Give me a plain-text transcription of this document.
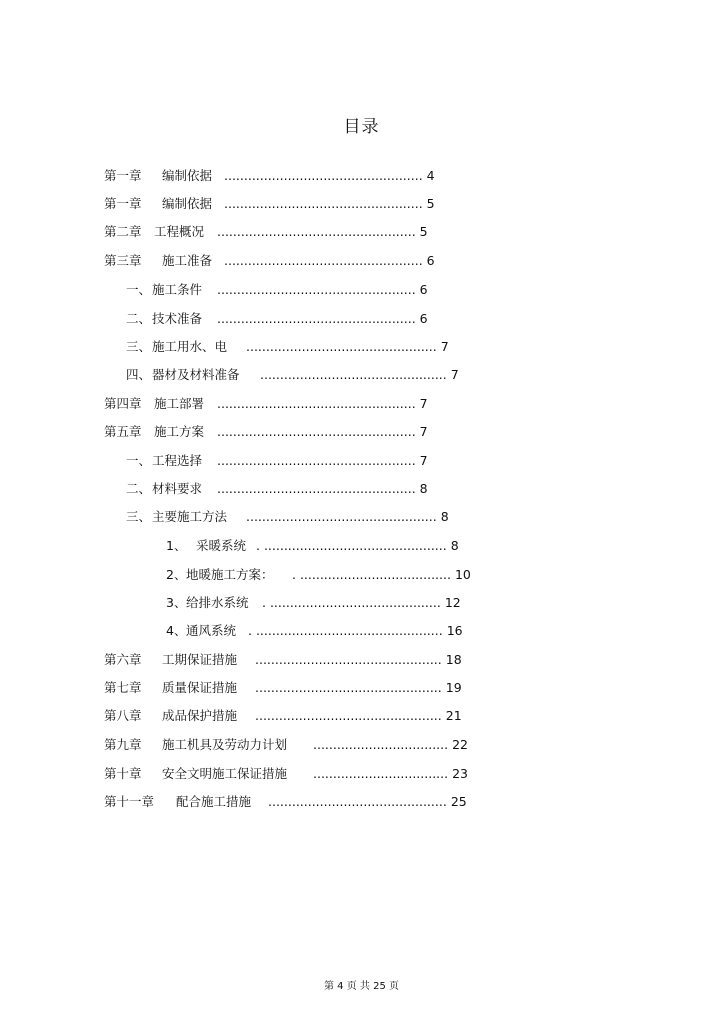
目录
第一章 编制依据 .................................................. 4
第一章 编制依据 .................................................. 5
第二章 工程概况 .................................................. 5
第三章 施工准备 .................................................. 6
一、 施工条件 .................................................. 6
二、 技术准备 .................................................. 6
三、 施工用水、电 ................................................ 7
四、 器材及材料准备 ............................................... 7
第四章 施工部署 .................................................. 7
第五章 施工方案 .................................................. 7
一、 工程选择 .................................................. 7
二、 材料要求 .................................................. 8
三、 主要施工方法 ................................................ 8
1、 采暖系统 . .............................................. 8
2、 地暖施工方案： . ...................................... 10
3、 给排水系统 . ........................................... 12
4、 通风系统 . ............................................... 16
第六章 工期保证措施 ............................................... 18
第七章 质量保证措施 ............................................... 19
第八章 成品保护措施 ............................................... 21
第九章 施工机具及劳动力计划 .................................. 22
第十章 安全文明施工保证措施 .................................. 23
第十一章 配合施工措施 ............................................. 25
第 4 页 共 25 页
